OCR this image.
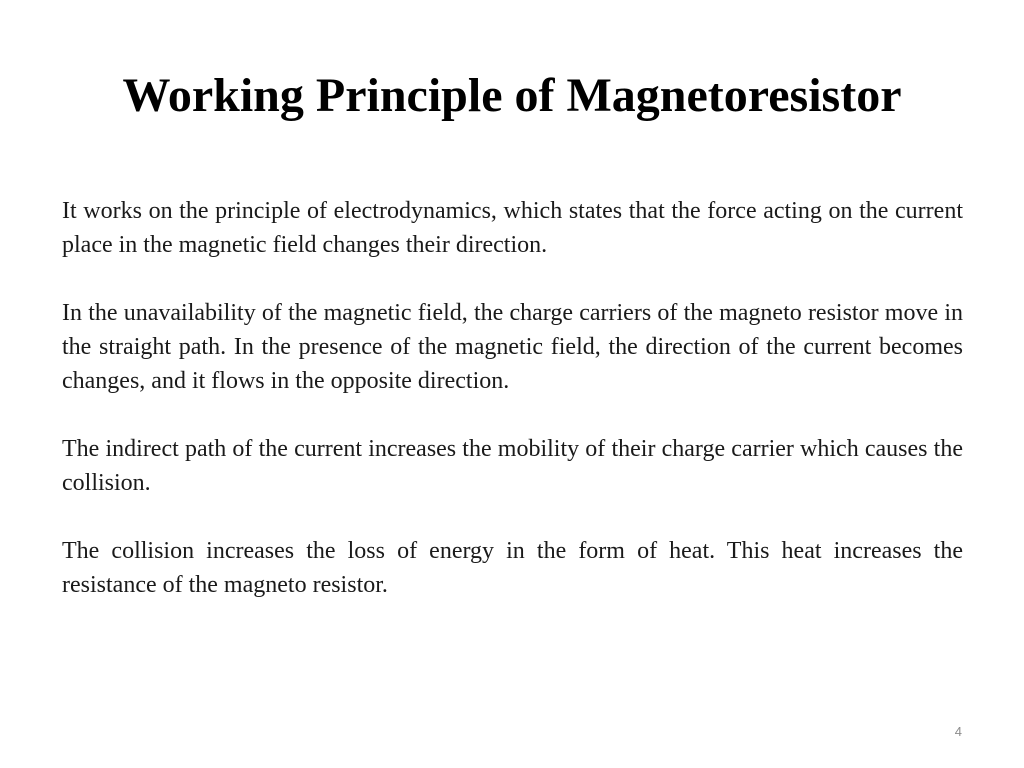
Working Principle of Magnetoresistor

It works on the principle of electrodynamics, which states that the force acting on the current place in the magnetic field changes their direction.

In the unavailability of the magnetic field, the charge carriers of the magneto resistor move in the straight path. In the presence of the magnetic field, the direction of the current becomes changes, and it flows in the opposite direction.

The indirect path of the current increases the mobility of their charge carrier which causes the collision.

The collision increases the loss of energy in the form of heat. This heat increases the resistance of the magneto resistor.

4
